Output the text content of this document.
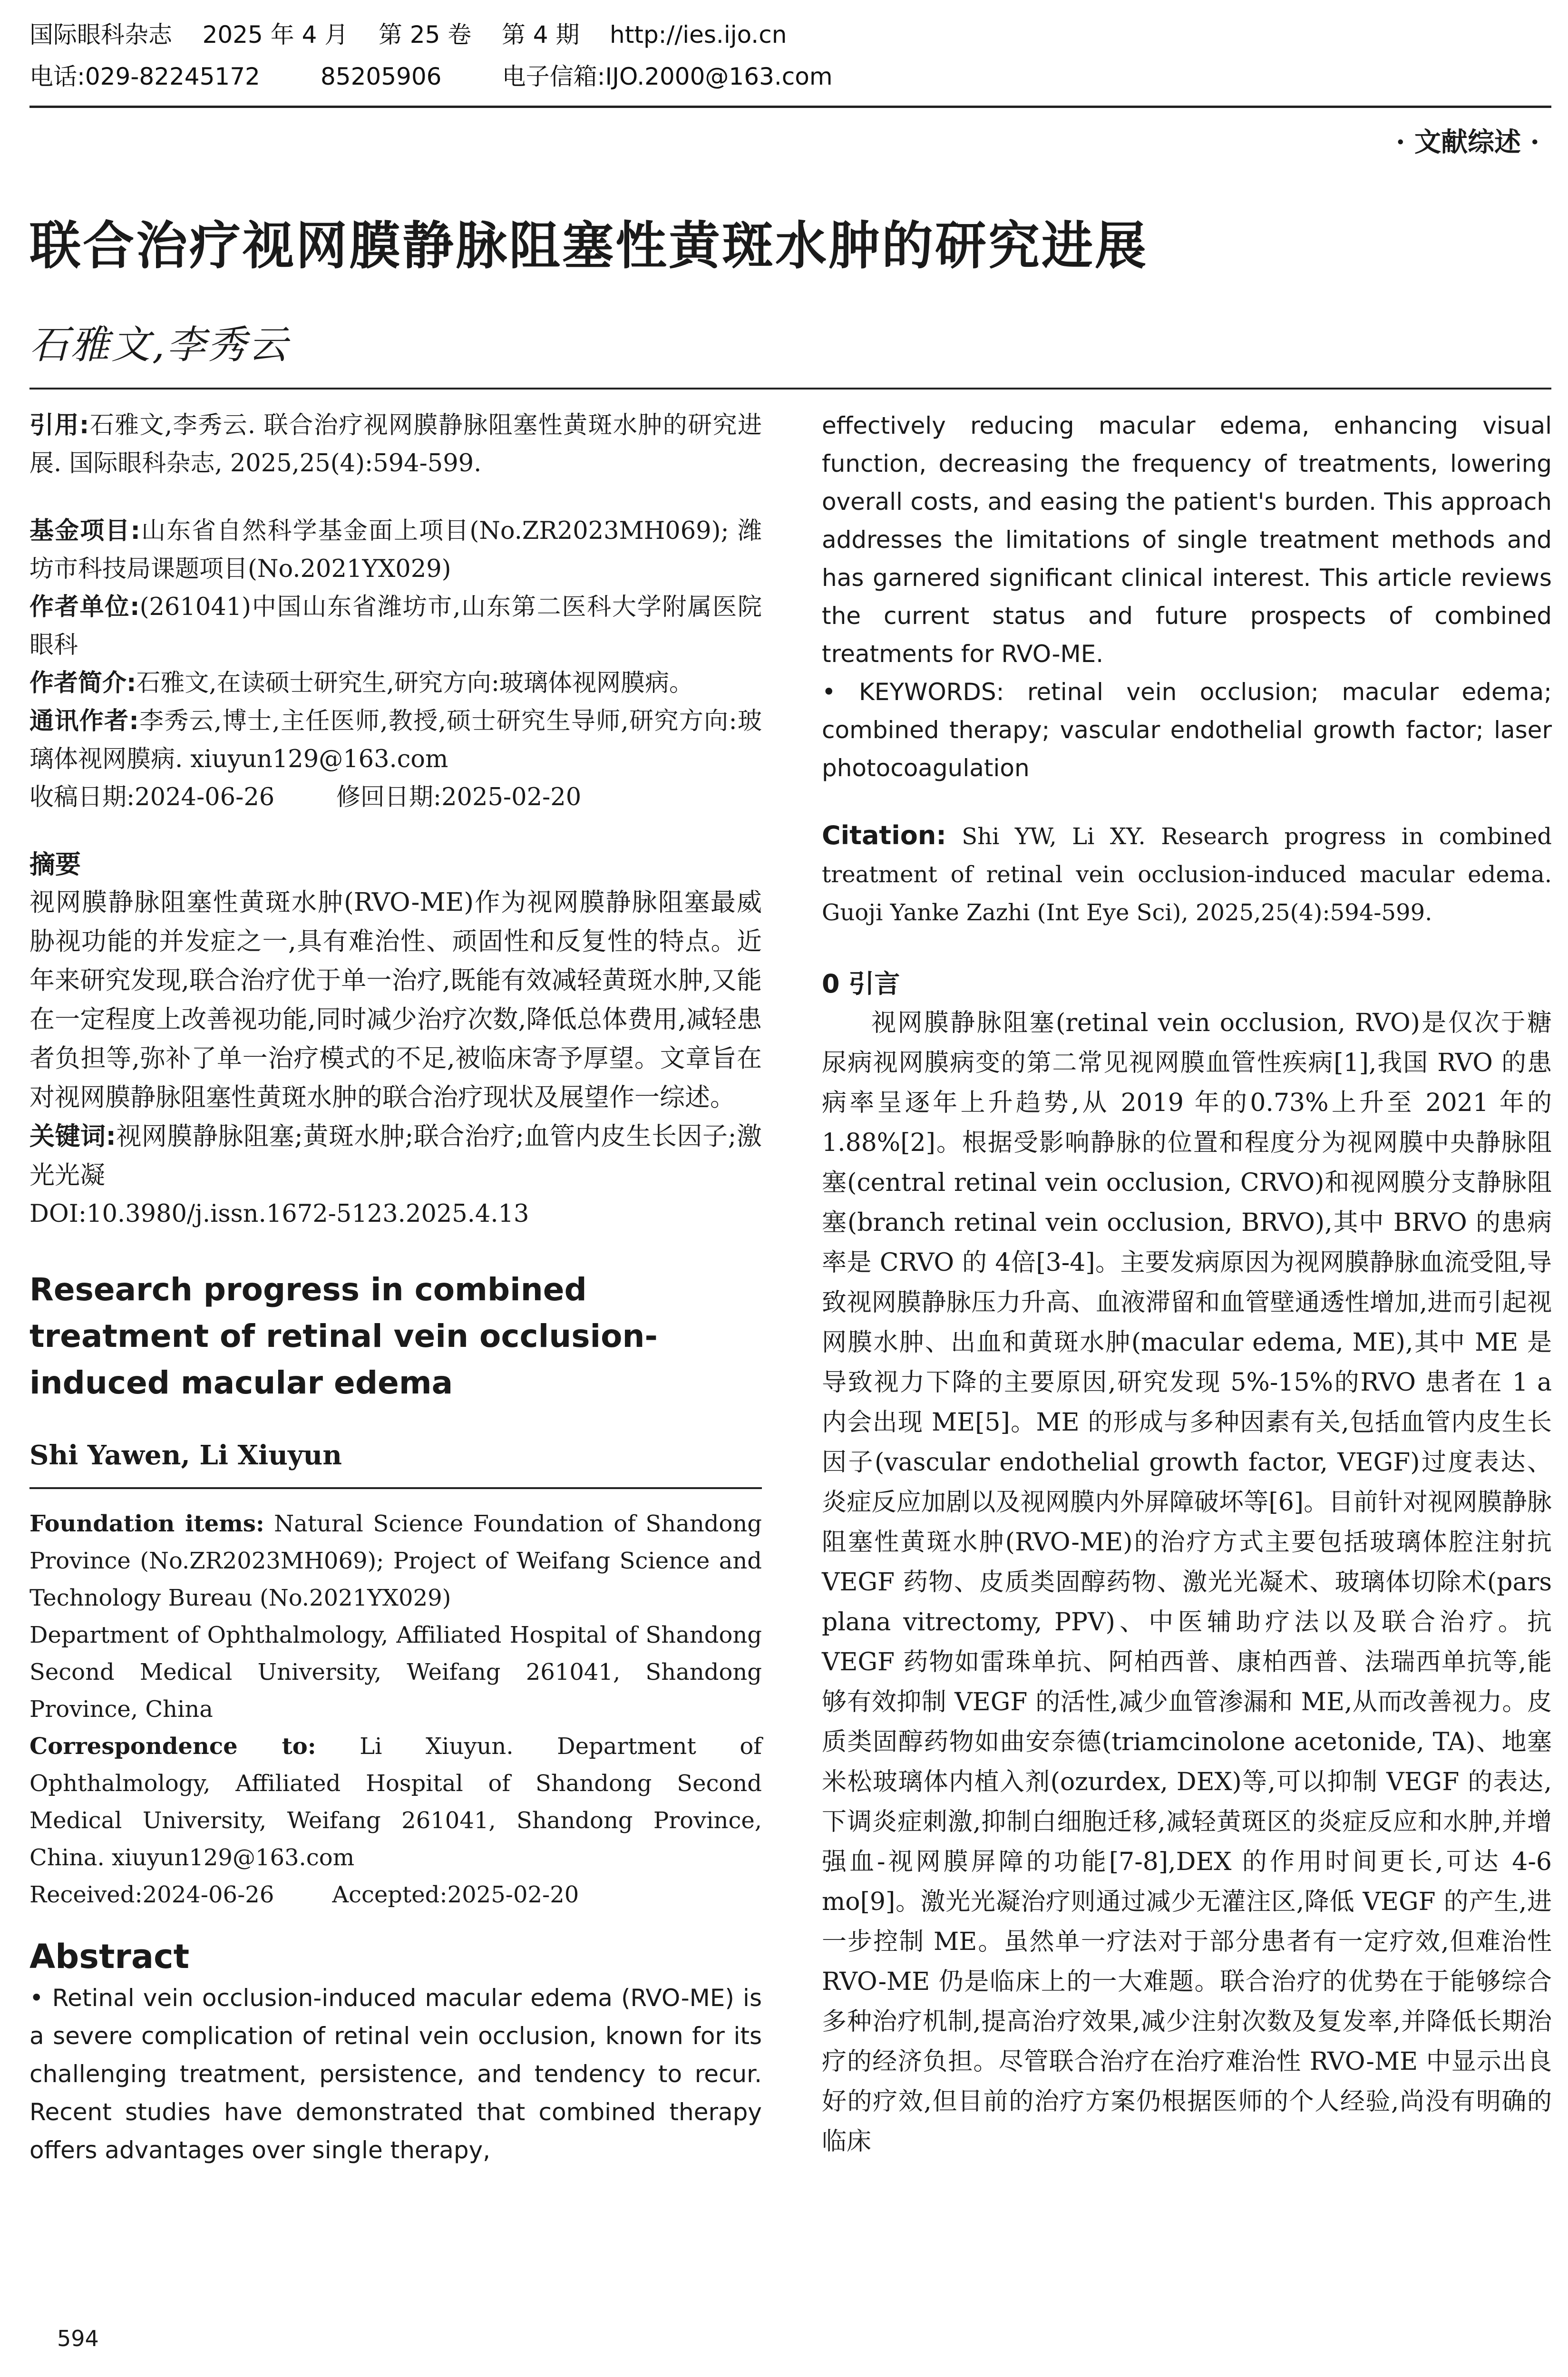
国际眼科杂志    2025 年 4 月    第 25 卷    第 4 期    http://ies.ijo.cn
电话:029-82245172        85205906        电子信箱:IJO.2000@163.com
· 文献综述 ·
联合治疗视网膜静脉阻塞性黄斑水肿的研究进展
石雅文,李秀云

引用:石雅文,李秀云. 联合治疗视网膜静脉阻塞性黄斑水肿的研究进展. 国际眼科杂志, 2025,25(4):594-599.

基金项目:山东省自然科学基金面上项目(No.ZR2023MH069); 潍坊市科技局课题项目(No.2021YX029)

作者单位:(261041)中国山东省潍坊市,山东第二医科大学附属医院眼科

作者简介:石雅文,在读硕士研究生,研究方向:玻璃体视网膜病。

通讯作者:李秀云,博士,主任医师,教授,硕士研究生导师,研究方向:玻璃体视网膜病. xiuyun129@163.com

收稿日期:2024-06-26        修回日期:2025-02-20

摘要

视网膜静脉阻塞性黄斑水肿(RVO-ME)作为视网膜静脉阻塞最威胁视功能的并发症之一,具有难治性、顽固性和反复性的特点。近年来研究发现,联合治疗优于单一治疗,既能有效减轻黄斑水肿,又能在一定程度上改善视功能,同时减少治疗次数,降低总体费用,减轻患者负担等,弥补了单一治疗模式的不足,被临床寄予厚望。文章旨在对视网膜静脉阻塞性黄斑水肿的联合治疗现状及展望作一综述。

关键词:视网膜静脉阻塞;黄斑水肿;联合治疗;血管内皮生长因子;激光光凝

DOI:10.3980/j.issn.1672-5123.2025.4.13

Research progress in combined treatment of retinal vein occlusion-induced macular edema

Shi Yawen, Li Xiuyun

Foundation items: Natural Science Foundation of Shandong Province (No.ZR2023MH069); Project of Weifang Science and Technology Bureau (No.2021YX029)

Department of Ophthalmology, Affiliated Hospital of Shandong Second Medical University, Weifang 261041, Shandong Province, China

Correspondence to: Li Xiuyun. Department of Ophthalmology, Affiliated Hospital of Shandong Second Medical University, Weifang 261041, Shandong Province, China. xiuyun129@163.com

Received:2024-06-26        Accepted:2025-02-20

Abstract

• Retinal vein occlusion-induced macular edema (RVO-ME) is a severe complication of retinal vein occlusion, known for its challenging treatment, persistence, and tendency to recur. Recent studies have demonstrated that combined therapy offers advantages over single therapy,

594

effectively reducing macular edema, enhancing visual function, decreasing the frequency of treatments, lowering overall costs, and easing the patient's burden. This approach addresses the limitations of single treatment methods and has garnered significant clinical interest. This article reviews the current status and future prospects of combined treatments for RVO-ME.

• KEYWORDS: retinal vein occlusion; macular edema; combined therapy; vascular endothelial growth factor; laser photocoagulation

Citation: Shi YW, Li XY. Research progress in combined treatment of retinal vein occlusion-induced macular edema. Guoji Yanke Zazhi (Int Eye Sci), 2025,25(4):594-599.

0 引言

视网膜静脉阻塞(retinal vein occlusion, RVO)是仅次于糖尿病视网膜病变的第二常见视网膜血管性疾病[1],我国 RVO 的患病率呈逐年上升趋势,从 2019 年的0.73%上升至 2021 年的 1.88%[2]。根据受影响静脉的位置和程度分为视网膜中央静脉阻塞(central retinal vein occlusion, CRVO)和视网膜分支静脉阻塞(branch retinal vein occlusion, BRVO),其中 BRVO 的患病率是 CRVO 的 4倍[3-4]。主要发病原因为视网膜静脉血流受阻,导致视网膜静脉压力升高、血液滞留和血管壁通透性增加,进而引起视网膜水肿、出血和黄斑水肿(macular edema, ME),其中 ME 是导致视力下降的主要原因,研究发现 5%-15%的RVO 患者在 1 a 内会出现 ME[5]。ME 的形成与多种因素有关,包括血管内皮生长因子(vascular endothelial growth factor, VEGF)过度表达、炎症反应加剧以及视网膜内外屏障破坏等[6]。目前针对视网膜静脉阻塞性黄斑水肿(RVO-ME)的治疗方式主要包括玻璃体腔注射抗 VEGF 药物、皮质类固醇药物、激光光凝术、玻璃体切除术(pars plana vitrectomy, PPV)、中医辅助疗法以及联合治疗。抗 VEGF 药物如雷珠单抗、阿柏西普、康柏西普、法瑞西单抗等,能够有效抑制 VEGF 的活性,减少血管渗漏和 ME,从而改善视力。皮质类固醇药物如曲安奈德(triamcinolone acetonide, TA)、地塞米松玻璃体内植入剂(ozurdex, DEX)等,可以抑制 VEGF 的表达,下调炎症刺激,抑制白细胞迁移,减轻黄斑区的炎症反应和水肿,并增强血-视网膜屏障的功能[7-8],DEX 的作用时间更长,可达 4-6 mo[9]。激光光凝治疗则通过减少无灌注区,降低 VEGF 的产生,进一步控制 ME。虽然单一疗法对于部分患者有一定疗效,但难治性 RVO-ME 仍是临床上的一大难题。联合治疗的优势在于能够综合多种治疗机制,提高治疗效果,减少注射次数及复发率,并降低长期治疗的经济负担。尽管联合治疗在治疗难治性 RVO-ME 中显示出良好的疗效,但目前的治疗方案仍根据医师的个人经验,尚没有明确的临床
